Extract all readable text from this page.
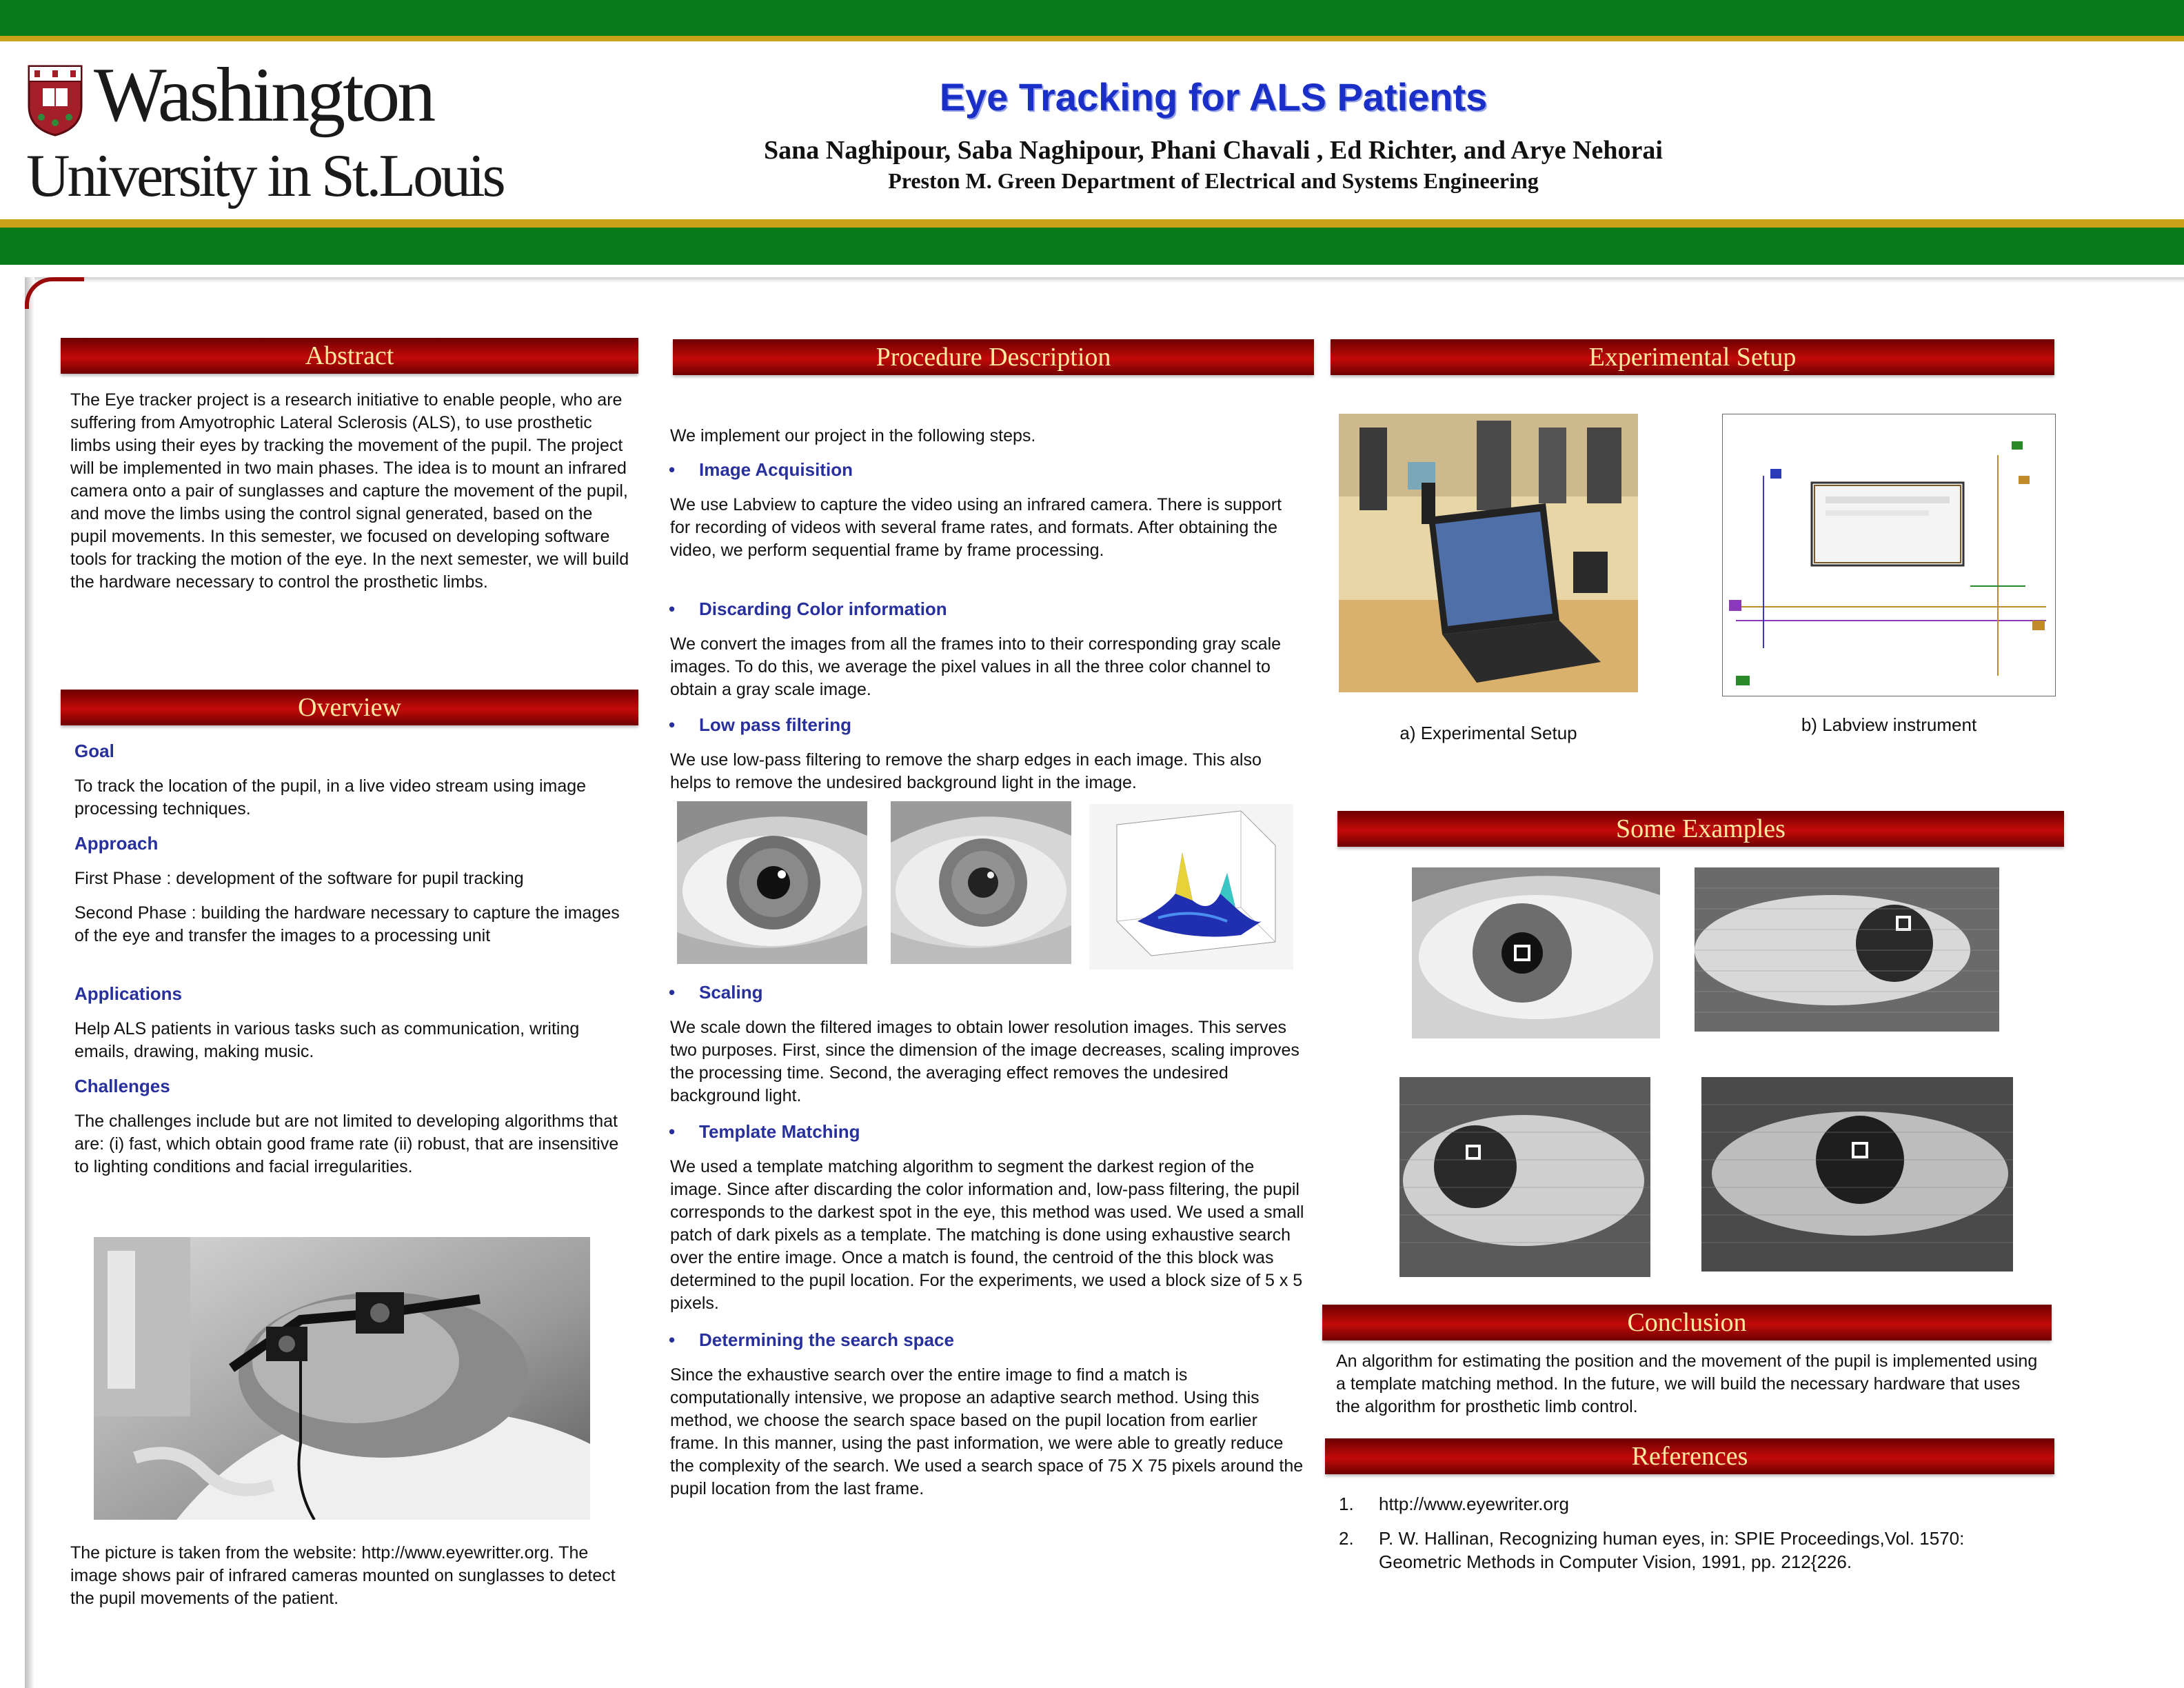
Washington
University in St.Louis
Eye Tracking for ALS Patients
Sana Naghipour, Saba Naghipour, Phani Chavali , Ed Richter, and Arye Nehorai
Preston M. Green Department of Electrical and Systems Engineering
Abstract
The Eye tracker project is a research initiative to enable people, who are suffering from Amyotrophic Lateral Sclerosis (ALS), to use prosthetic limbs using their eyes by tracking the movement of the pupil. The project will be implemented in two main phases. The idea is to mount an infrared camera onto a pair of sunglasses and capture the movement of the pupil, and move the limbs using the control signal generated, based on the pupil movements. In this semester, we focused on developing software tools for tracking the motion of the eye. In the next semester, we will build the hardware necessary to control the prosthetic limbs.
Overview
Goal
To track the location of the pupil, in a live video stream using image processing techniques.
Approach
First Phase : development of the software for pupil tracking
Second Phase : building the hardware necessary to capture the images of the eye and transfer the images to a processing unit
Applications
Help ALS patients in various tasks such as communication, writing emails, drawing, making music.
Challenges
The challenges include but are not limited to developing algorithms that are: (i) fast, which obtain good frame rate (ii) robust, that are insensitive to lighting conditions and facial irregularities.
The picture is taken from the website: http://www.eyewritter.org. The image shows pair of infrared cameras mounted on sunglasses to detect the pupil movements of the patient.
Procedure Description
We implement our project in the following steps.
• Image Acquisition
We use Labview to capture the video using an infrared camera. There is support for recording of videos with several frame rates, and formats. After obtaining the video, we perform sequential frame by frame processing.
• Discarding Color information
We convert the images from all the frames into to their corresponding gray scale images. To do this, we average the pixel values in all the three color channel to obtain a gray scale image.
• Low pass filtering
We use low-pass filtering to remove the sharp edges in each image. This also helps to remove the undesired background light in the image.
• Scaling
We scale down the filtered images to obtain lower resolution images. This serves two purposes. First, since the dimension of the image decreases, scaling improves the processing time. Second, the averaging effect removes the undesired background light.
• Template Matching
We used a template matching algorithm to segment the darkest region of the image. Since after discarding the color information and, low-pass filtering, the pupil corresponds to the darkest spot in the eye, this method was used. We used a small patch of dark pixels as a template. The matching is done using exhaustive search over the entire image. Once a match is found, the centroid of the this block was determined to the pupil location. For the experiments, we used a block size of 5 x 5 pixels.
• Determining the search space
Since the exhaustive search over the entire image to find a match is computationally intensive, we propose an adaptive search method. Using this method, we choose the search space based on the pupil location from earlier frame. In this manner, using the past information, we were able to greatly reduce the complexity of the search. We used a search space of 75 X 75 pixels around the pupil location from the last frame.
Experimental Setup
a) Experimental Setup	b) Labview instrument
Some Examples
Conclusion
An algorithm for estimating the position and the movement of the pupil is implemented using a template matching method. In the future, we will build the necessary hardware that uses the algorithm for prosthetic limb control.
References
1. http://www.eyewriter.org
2.	P. W. Hallinan, Recognizing human eyes, in: SPIE Proceedings,Vol. 1570: Geometric Methods in Computer Vision, 1991, pp. 212{226.
